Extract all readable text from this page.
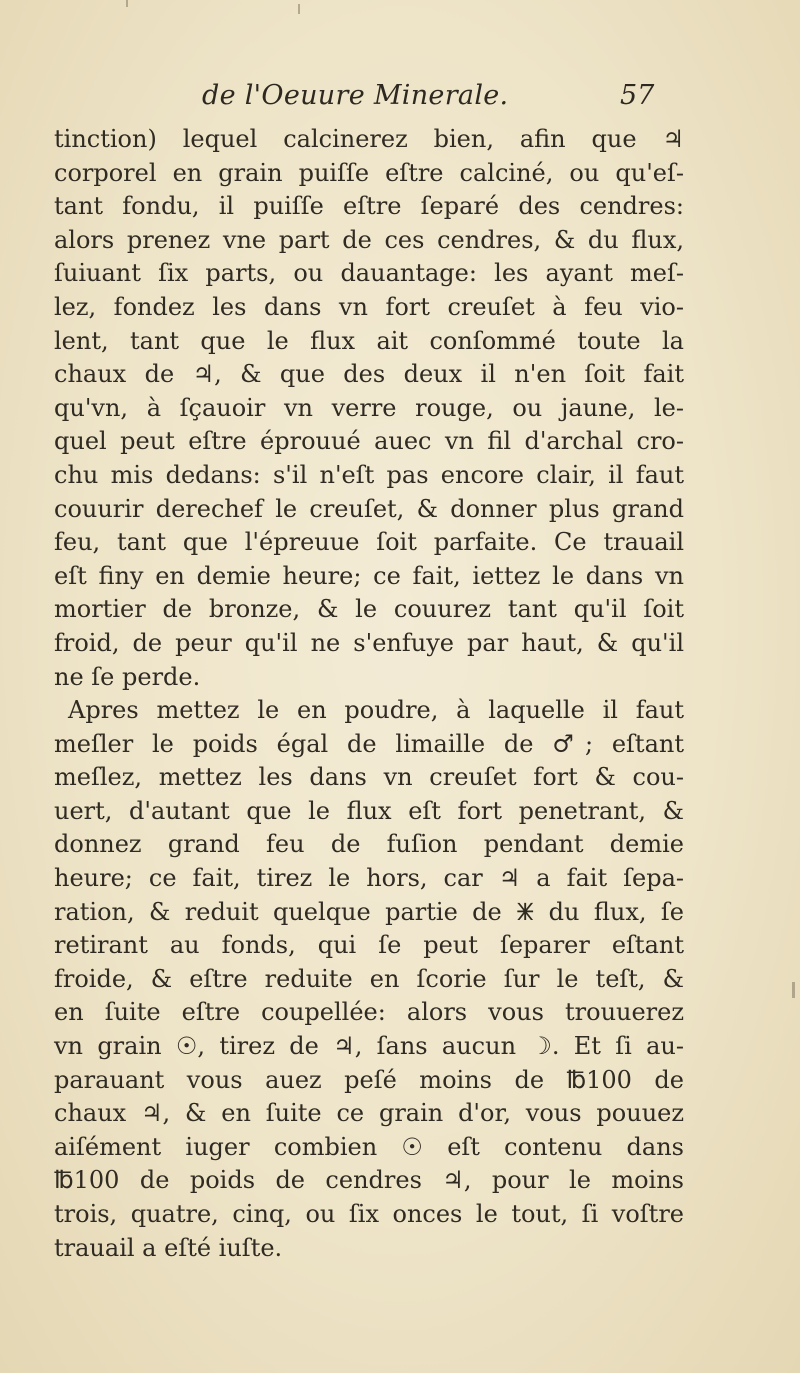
de l'Oeuure Minerale.	57
tinction) lequel calcinerez bien, afin que ♃
corporel en grain puiſſe eſtre calciné, ou qu'eſ-
tant fondu, il puiſſe eſtre ſeparé des cendres:
alors prenez vne part de ces cendres, & du flux,
ſuiuant ſix parts, ou dauantage: les ayant meſ-
lez, fondez les dans vn fort creuſet à feu vio-
lent, tant que le flux ait conſommé toute la
chaux de ♃, & que des deux il n'en ſoit fait
qu'vn, à ſçauoir vn verre rouge, ou jaune, le-
quel peut eſtre éprouué auec vn fil d'archal cro-
chu mis dedans: s'il n'eſt pas encore clair, il faut
couurir derechef le creuſet, & donner plus grand
feu, tant que l'épreuue ſoit parfaite. Ce trauail
eſt finy en demie heure; ce fait, iettez le dans vn
mortier de bronze, & le couurez tant qu'il ſoit
froid, de peur qu'il ne s'enfuye par haut, & qu'il
ne ſe perde.
Apres mettez le en poudre, à laquelle il faut
meſler le poids égal de limaille de ♂; eſtant
meſlez, mettez les dans vn creuſet fort & cou-
uert, d'autant que le flux eſt fort penetrant, &
donnez grand feu de fuſion pendant demie
heure; ce fait, tirez le hors, car ♃ a fait ſepa-
ration, & reduit quelque partie de 🜹 du flux, ſe
retirant au fonds, qui ſe peut ſeparer eſtant
froide, & eſtre reduite en ſcorie ſur le teſt, &
en ſuite eſtre coupellée: alors vous trouuerez
vn grain ☉, tirez de ♃, ſans aucun ☽. Et ſi au-
parauant vous auez peſé moins de ℔100 de
chaux ♃, & en ſuite ce grain d'or, vous pouuez
aiſément iuger combien ☉ eſt contenu dans
℔100 de poids de cendres ♃, pour le moins
trois, quatre, cinq, ou ſix onces le tout, ſi voſtre
trauail a eſté iuſte.
